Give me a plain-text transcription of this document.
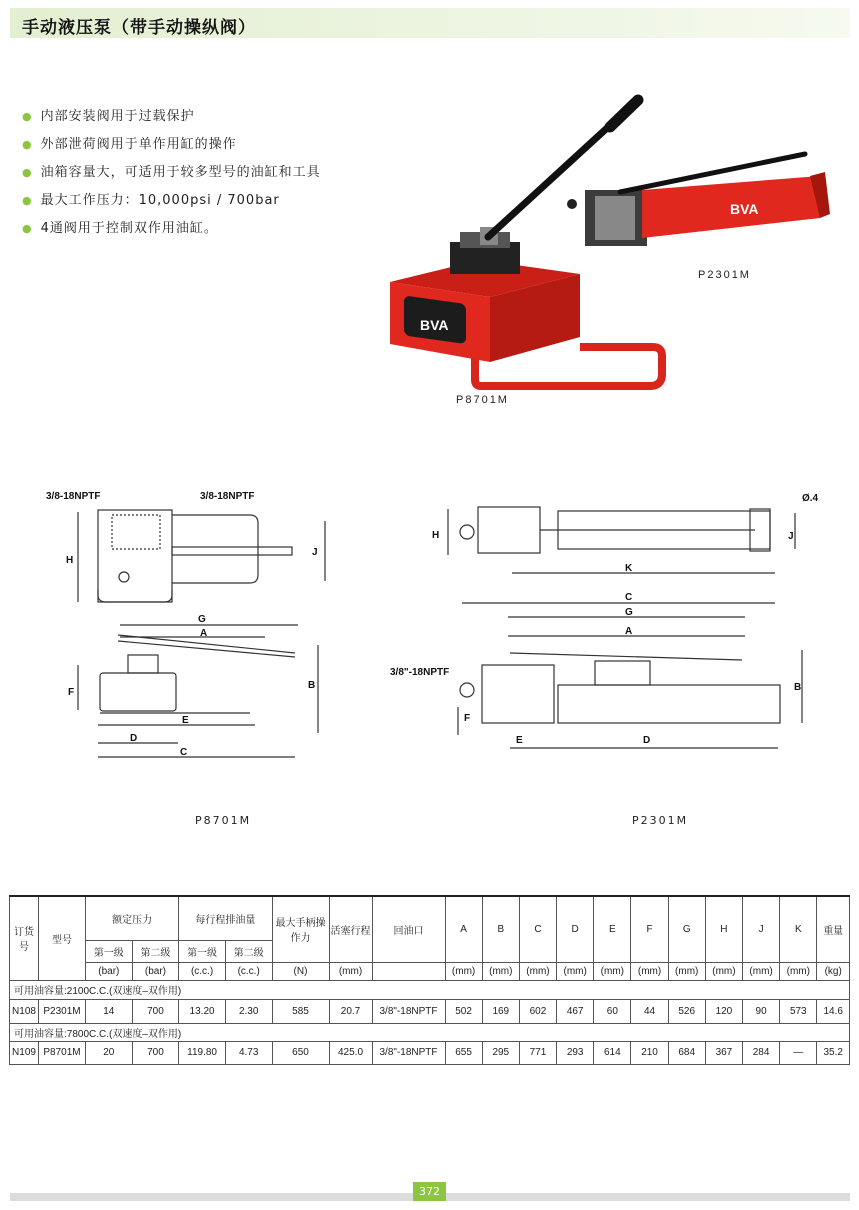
手动液压泵（带手动操纵阀）
● 内部安装阀用于过载保护
● 外部泄荷阀用于单作用缸的操作
● 油箱容量大，可适用于较多型号的油缸和工具
● 最大工作压力：10,000psi / 700bar
● 4通阀用于控制双作用油缸。
BVA
BVA
P2301M
P8701M
3/8-18NPTF	3/8-18NPTF
H
J
G
A
F
B
E
D
C
Ø.4
H	J
K
C
G
A
3/8"-18NPTF
B
F
E	D
P8701M	P2301M
订货号	型号	额定压力		每行程排油量		最大手柄操作力	活塞行程	回油口	A	B	C	D	E	F	G	H	J	K	重量
		第一级	第二级	第一级	第二级														
		(bar)	(bar)	(c.c.)	(c.c.)	(N)	(mm)		(mm)	(mm)	(mm)	(mm)	(mm)	(mm)	(mm)	(mm)	(mm)	(mm)	(kg)
可用油容量:2100C.C.(双速度–双作用)																			
N108	P2301M	14	700	13.20	2.30	585	20.7	3/8"-18NPTF	502	169	602	467	60	44	526	120	90	573	14.6
可用油容量:7800C.C.(双速度–双作用)																			
N109	P8701M	20	700	119.80	4.73	650	425.0	3/8"-18NPTF	655	295	771	293	614	210	684	367	284	—	35.2
372
